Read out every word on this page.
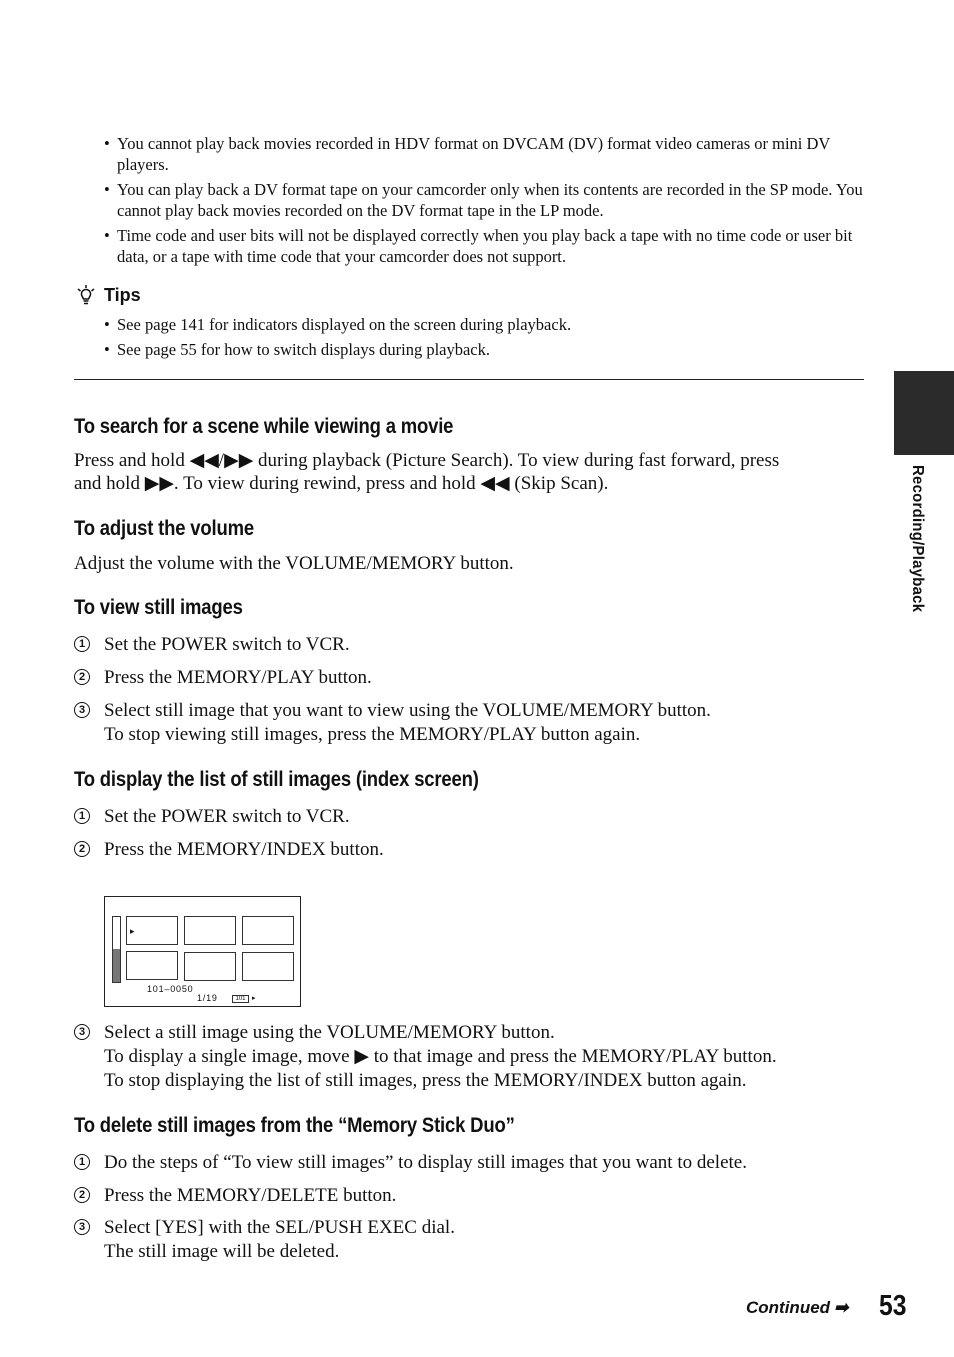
• You cannot play back movies recorded in HDV format on DVCAM (DV) format video cameras or mini DV players.
• You can play back a DV format tape on your camcorder only when its contents are recorded in the SP mode. You cannot play back movies recorded on the DV format tape in the LP mode.
• Time code and user bits will not be displayed correctly when you play back a tape with no time code or user bit data, or a tape with time code that your camcorder does not support.
Tips
• See page 141 for indicators displayed on the screen during playback.
• See page 55 for how to switch displays during playback.
To search for a scene while viewing a movie
Press and hold ◀◀/▶▶ during playback (Picture Search). To view during fast forward, press
and hold ▶▶. To view during rewind, press and hold ◀◀ (Skip Scan).
To adjust the volume
Adjust the volume with the VOLUME/MEMORY button.
To view still images
1 Set the POWER switch to VCR.
2 Press the MEMORY/PLAY button.
3 Select still image that you want to view using the VOLUME/MEMORY button.
To stop viewing still images, press the MEMORY/PLAY button again.
To display the list of still images (index screen)
1 Set the POWER switch to VCR.
2 Press the MEMORY/INDEX button.
▸
101–0050
1/19	101 ▸
3 Select a still image using the VOLUME/MEMORY button.
To display a single image, move ▶ to that image and press the MEMORY/PLAY button.
To stop displaying the list of still images, press the MEMORY/INDEX button again.
To delete still images from the “Memory Stick Duo”
1 Do the steps of “To view still images” to display still images that you want to delete.
2 Press the MEMORY/DELETE button.
3 Select [YES] with the SEL/PUSH EXEC dial.
The still image will be deleted.
Recording/Playback
Continued ➡ 53
